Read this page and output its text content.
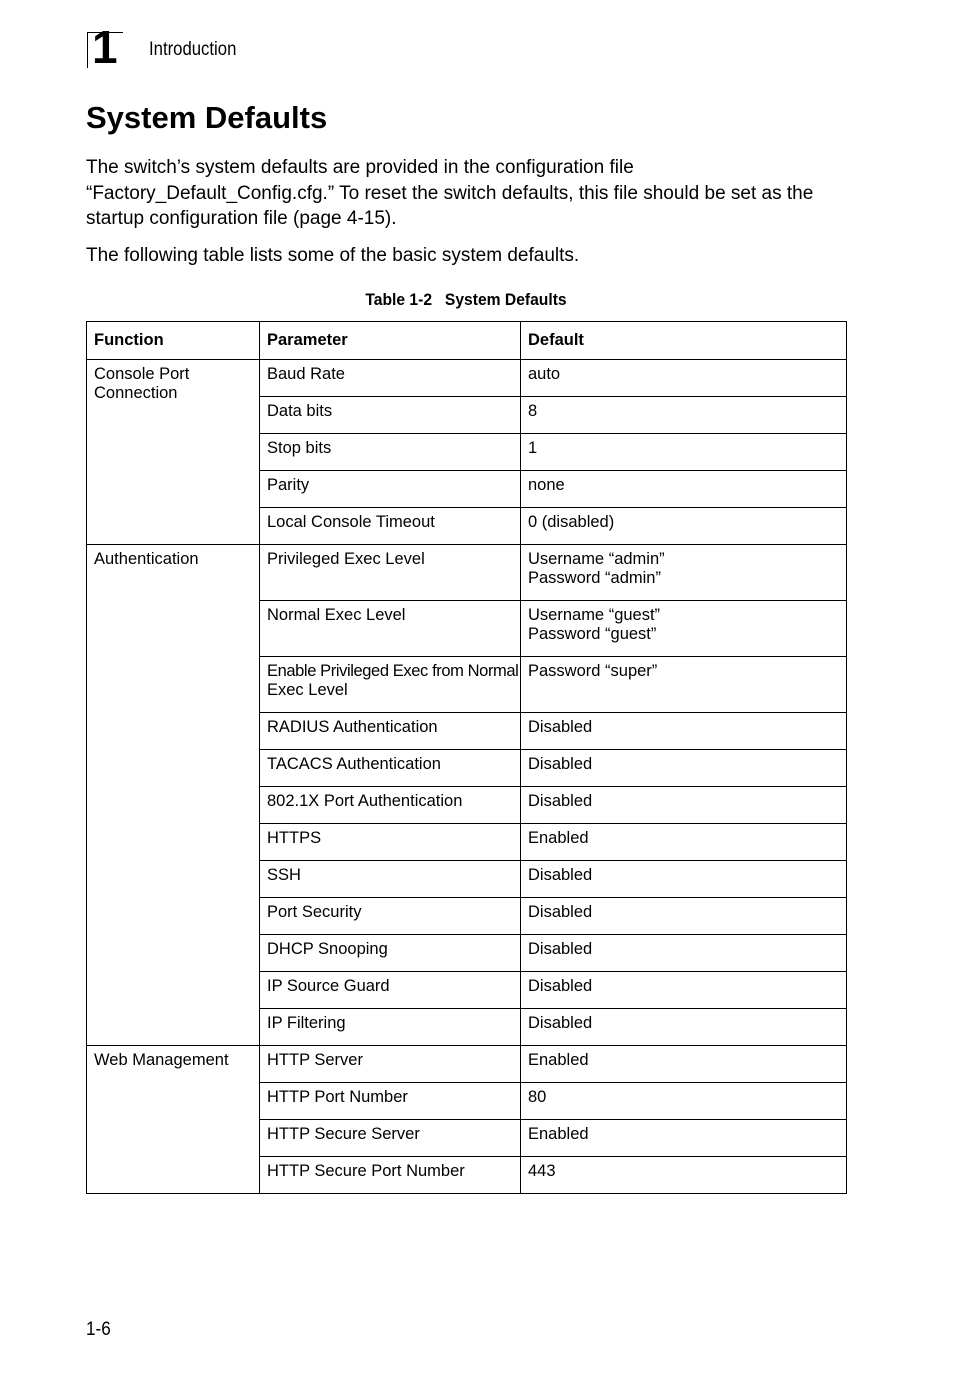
1 Introduction
System Defaults

The switch’s system defaults are provided in the configuration file “Factory_Default_Config.cfg.” To reset the switch defaults, this file should be set as the startup configuration file (page 4-15).

The following table lists some of the basic system defaults.

Table 1-2 System Defaults
Function	Parameter	Default
Console Port Connection	Baud Rate	auto
	Data bits	8
	Stop bits	1
	Parity	none
	Local Console Timeout	0 (disabled)
Authentication	Privileged Exec Level	Username “admin”
Password “admin”

	Normal Exec Level	Username “guest”
Password “guest”

	Enable Privileged Exec from Normal
Exec Level	Password “super”
	RADIUS Authentication	Disabled
	TACACS Authentication	Disabled
	802.1X Port Authentication	Disabled
	HTTPS	Enabled
	SSH	Disabled
	Port Security	Disabled
	DHCP Snooping	Disabled
	IP Source Guard	Disabled
	IP Filtering	Disabled
Web Management	HTTP Server	Enabled
	HTTP Port Number	80
	HTTP Secure Server	Enabled
	HTTP Secure Port Number	443
1-6
